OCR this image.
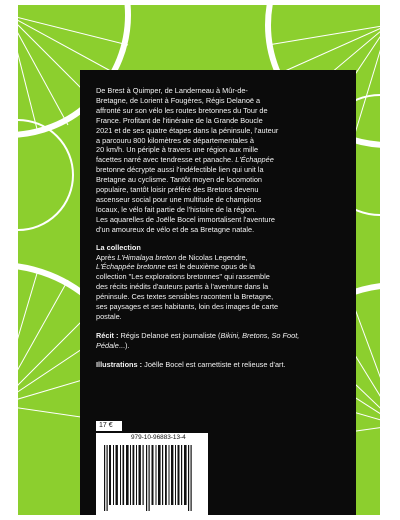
De Brest à Quimper, de Landerneau à Mûr-de-
Bretagne, de Lorient à Fougères, Régis Delanoë a
affronté sur son vélo les routes bretonnes du Tour de
France. Profitant de l'itinéraire de la Grande Boucle
2021 et de ses quatre étapes dans la péninsule, l'auteur
a parcouru 800 kilomètres de départementales à
20 km/h. Un périple à travers une région aux mille
facettes narré avec tendresse et panache. L'Échappée
bretonne décrypte aussi l'indéfectible lien qui unit la
Bretagne au cyclisme. Tantôt moyen de locomotion
populaire, tantôt loisir préféré des Bretons devenu
ascenseur social pour une multitude de champions
locaux, le vélo fait partie de l'histoire de la région.
Les aquarelles de Joëlle Bocel immortalisent l'aventure
d'un amoureux de vélo et de sa Bretagne natale.

La collection

Après L'Himalaya breton de Nicolas Legendre,
L'Échappée bretonne est le deuxième opus de la
collection "Les explorations bretonnes" qui rassemble
des récits inédits d'auteurs partis à l'aventure dans la
péninsule. Ces textes sensibles racontent la Bretagne,
ses paysages et ses habitants, loin des images de carte
postale.

Récit : Régis Delanoë est journaliste (Bikini, Bretons, So Foot,
Pédale...).

Illustrations : Joëlle Bocel est carnettiste et relieuse d'art.

17 €
979-10-96883-13-4
